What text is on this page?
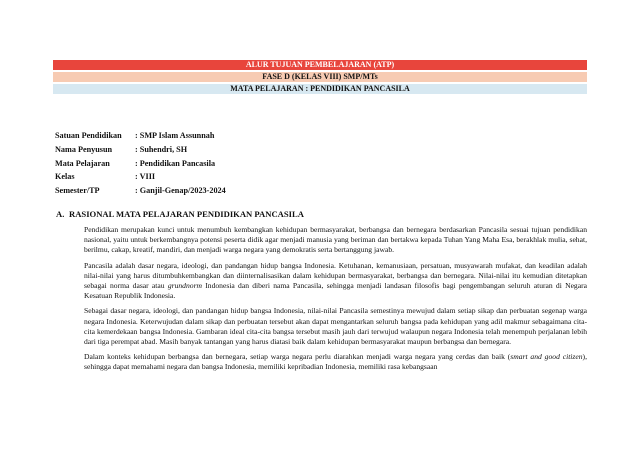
ALUR TUJUAN PEMBELAJARAN (ATP)
FASE D (KELAS VIII) SMP/MTs
MATA PELAJARAN : PENDIDIKAN PANCASILA
Satuan Pendidikan	: SMP Islam Assunnah
Nama Penyusun	: Suhendri, SH
Mata Pelajaran	: Pendidikan Pancasila
Kelas	: VIII
Semester/TP	: Ganjil-Genap/2023-2024
A. RASIONAL MATA PELAJARAN PENDIDIKAN PANCASILA

Pendidikan merupakan kunci untuk menumbuh kembangkan kehidupan bermasyarakat, berbangsa dan bernegara berdasarkan Pancasila sesuai tujuan pendidikan nasional, yaitu untuk berkembangnya potensi peserta didik agar menjadi manusia yang beriman dan bertakwa kepada Tuhan Yang Maha Esa, berakhlak mulia, sehat, berilmu, cakap, kreatif, mandiri, dan menjadi warga negara yang demokratis serta bertanggung jawab.

Pancasila adalah dasar negara, ideologi, dan pandangan hidup bangsa Indonesia. Ketuhanan, kemanusiaan, persatuan, musyawarah mufakat, dan keadilan adalah nilai-nilai yang harus ditumbuhkembangkan dan diinternalisasikan dalam kehidupan bermasyarakat, berbangsa dan bernegara. Nilai-nilai itu kemudian ditetapkan sebagai norma dasar atau grundnorm Indonesia dan diberi nama Pancasila, sehingga menjadi landasan filosofis bagi pengembangan seluruh aturan di Negara Kesatuan Republik Indonesia.

Sebagai dasar negara, ideologi, dan pandangan hidup bangsa Indonesia, nilai-nilai Pancasila semestinya mewujud dalam setiap sikap dan perbuatan segenap warga negara Indonesia. Keterwujudan dalam sikap dan perbuatan tersebut akan dapat mengantarkan seluruh bangsa pada kehidupan yang adil makmur sebagaimana cita-cita kemerdekaan bangsa Indonesia. Gambaran ideal cita-cita bangsa tersebut masih jauh dari terwujud walaupun negara Indonesia telah menempuh perjalanan lebih dari tiga perempat abad. Masih banyak tantangan yang harus diatasi baik dalam kehidupan bermasyarakat maupun berbangsa dan bernegara.

Dalam konteks kehidupan berbangsa dan bernegara, setiap warga negara perlu diarahkan menjadi warga negara yang cerdas dan baik (smart and good citizen), sehingga dapat memahami negara dan bangsa Indonesia, memiliki kepribadian Indonesia, memiliki rasa kebangsaan
